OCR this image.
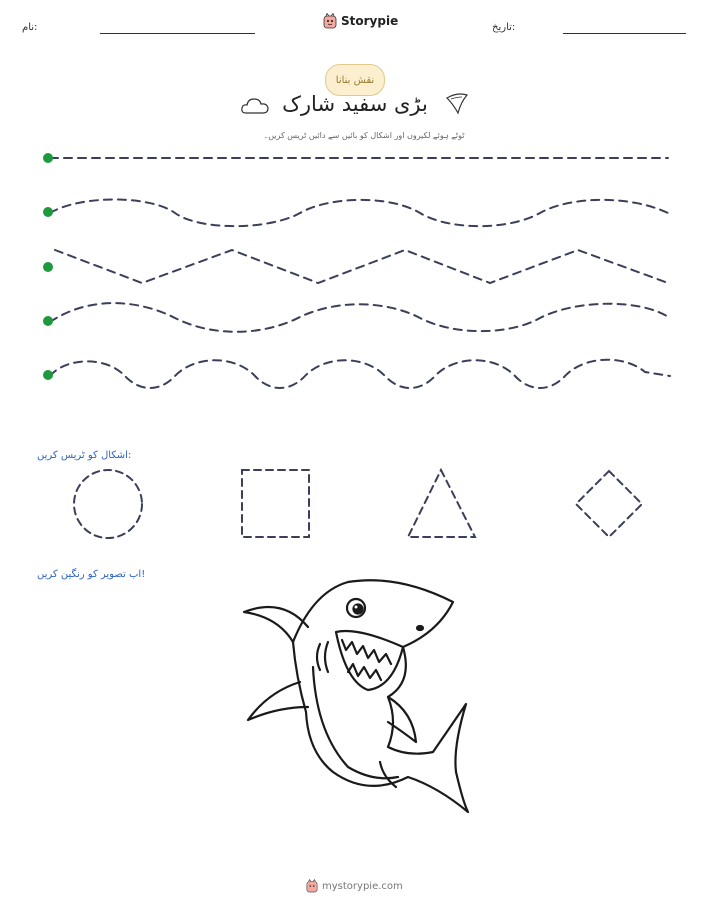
نام:	Storypie	تاریخ:
نقش بنانا
بڑی سفید شارک
ٹوٹے ہوئے لکیروں اور اشکال کو بائیں سے دائیں ٹریس کریں۔
اشکال کو ٹریس کریں:
اب تصویر کو رنگین کریں!
mystorypie.com
